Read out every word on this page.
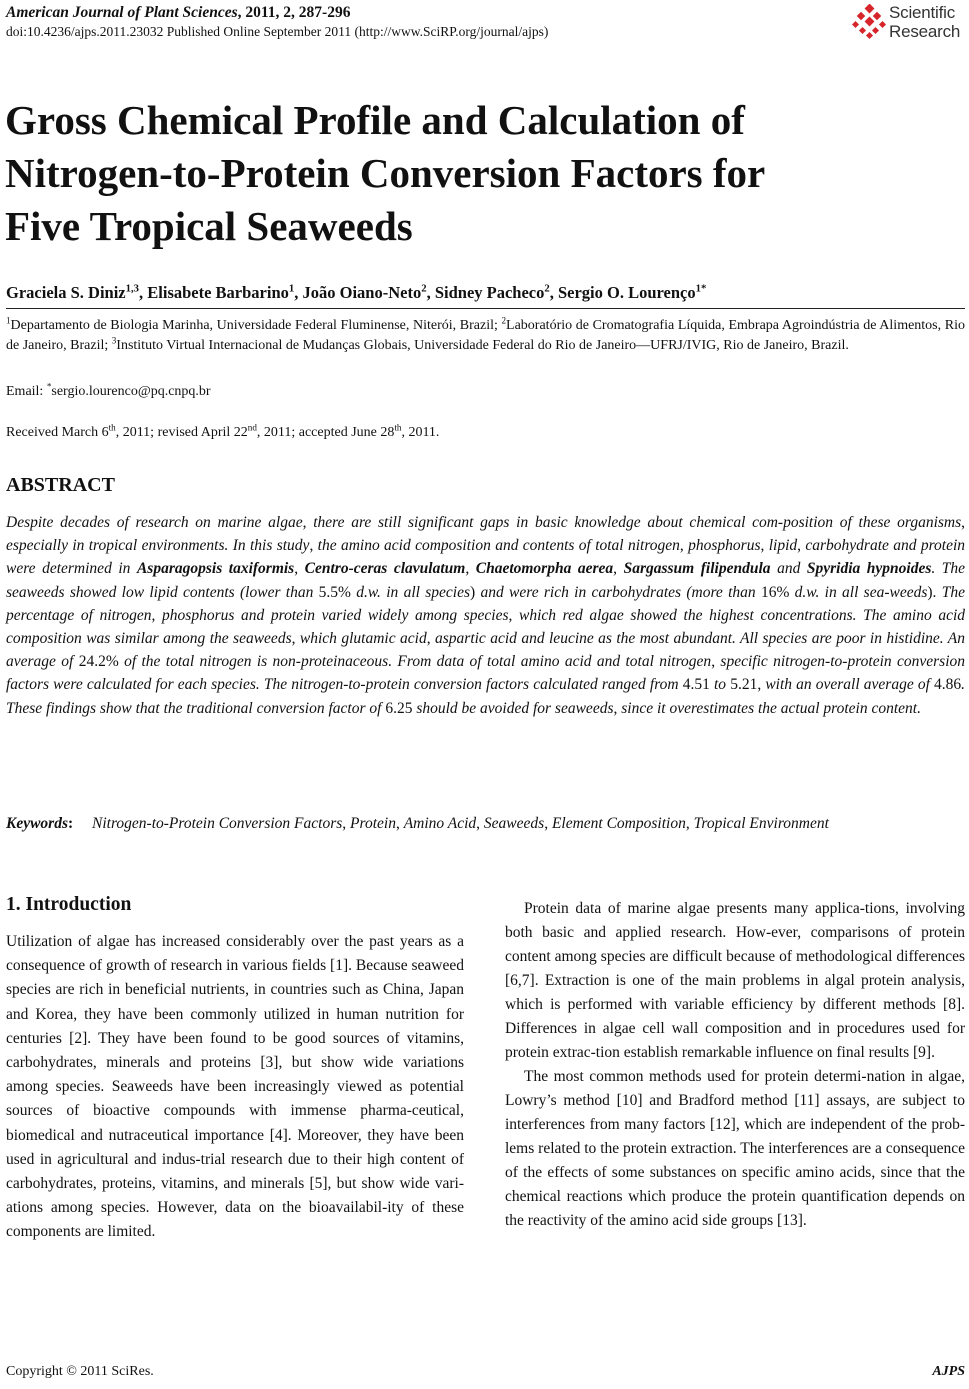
American Journal of Plant Sciences, 2011, 2, 287-296
doi:10.4236/ajps.2011.23032 Published Online September 2011 (http://www.SciRP.org/journal/ajps)
Scientific
Research
Gross Chemical Profile and Calculation of
Nitrogen-to-Protein Conversion Factors for
Five Tropical Seaweeds
Graciela S. Diniz$^{1,3}$, Elisabete Barbarino$^1$, João Oiano-Neto$^2$, Sidney Pacheco$^2$, Sergio O. Lourenço$^{1*}$

$^1$Departamento de Biologia Marinha, Universidade Federal Fluminense, Niterói, Brazil; $^2$Laboratório de Cromatografia Líquida, Embrapa Agroindústria de Alimentos, Rio de Janeiro, Brazil; $^3$Instituto Virtual Internacional de Mudanças Globais, Universidade Federal do Rio de Janeiro—UFRJ/IVIG, Rio de Janeiro, Brazil.

Email: *sergio.lourenco@pq.cnpq.br
Received March 6th, 2011; revised April 22nd, 2011; accepted June 28th, 2011.
ABSTRACT

Despite decades of research on marine algae, there are still significant gaps in basic knowledge about chemical com-position of these organisms, especially in tropical environments. In this study, the amino acid composition and contents of total nitrogen, phosphorus, lipid, carbohydrate and protein were determined in Asparagopsis taxiformis, Centro-ceras clavulatum, Chaetomorpha aerea, Sargassum filipendula and Spyridia hypnoides. The seaweeds showed low lipid contents (lower than 5.5% d.w. in all species) and were rich in carbohydrates (more than 16% d.w. in all sea-weeds). The percentage of nitrogen, phosphorus and protein varied widely among species, which red algae showed the highest concentrations. The amino acid composition was similar among the seaweeds, which glutamic acid, aspartic acid and leucine as the most abundant. All species are poor in histidine. An average of 24.2% of the total nitrogen is non-proteinaceous. From data of total amino acid and total nitrogen, specific nitrogen-to-protein conversion factors were calculated for each species. The nitrogen-to-protein conversion factors calculated ranged from 4.51 to 5.21, with an overall average of 4.86. These findings show that the traditional conversion factor of 6.25 should be avoided for seaweeds, since it overestimates the actual protein content.

Keywords: Nitrogen-to-Protein Conversion Factors, Protein, Amino Acid, Seaweeds, Element Composition, Tropical Environment

1. Introduction

Utilization of algae has increased considerably over the past years as a consequence of growth of research in various fields [1]. Because seaweed species are rich in beneficial nutrients, in countries such as China, Japan and Korea, they have been commonly utilized in human nutrition for centuries [2]. They have been found to be good sources of vitamins, carbohydrates, minerals and proteins [3], but show wide variations among species. Seaweeds have been increasingly viewed as potential sources of bioactive compounds with immense pharma-ceutical, biomedical and nutraceutical importance [4]. Moreover, they have been used in agricultural and indus-trial research due to their high content of carbohydrates, proteins, vitamins, and minerals [5], but show wide vari-ations among species. However, data on the bioavailabil-ity of these components are limited.

Protein data of marine algae presents many applica-tions, involving both basic and applied research. How-ever, comparisons of protein content among species are difficult because of methodological differences [6,7]. Extraction is one of the main problems in algal protein analysis, which is performed with variable efficiency by different methods [8]. Differences in algae cell wall composition and in procedures used for protein extrac-tion establish remarkable influence on final results [9].

The most common methods used for protein determi-nation in algae, Lowry’s method [10] and Bradford method [11] assays, are subject to interferences from many factors [12], which are independent of the prob-lems related to the protein extraction. The interferences are a consequence of the effects of some substances on specific amino acids, since that the chemical reactions which produce the protein quantification depends on the reactivity of the amino acid side groups [13].

Copyright © 2011 SciRes.	AJPS
